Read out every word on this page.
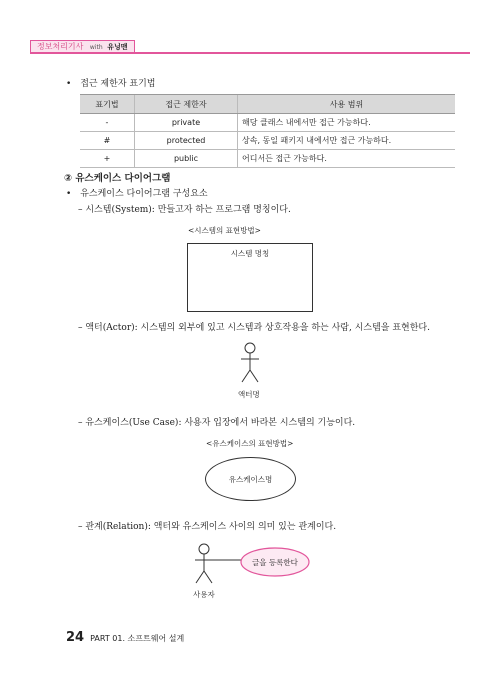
정보처리기사 with 유닝맨
• 접근 제한자 표기법
표기법	접근 제한자	사용 범위
-	private	해당 클래스 내에서만 접근 가능하다.
#	protected	상속, 동일 패키지 내에서만 접근 가능하다.
+	public	어디서든 접근 가능하다.
② 유스케이스 다이어그램
• 유스케이스 다이어그램 구성요소
– 시스템(System): 만들고자 하는 프로그램 명칭이다.
<시스템의 표현방법>
시스템 명칭
– 액터(Actor): 시스템의 외부에 있고 시스템과 상호작용을 하는 사람, 시스템을 표현한다.
액터명
– 유스케이스(Use Case): 사용자 입장에서 바라본 시스템의 기능이다.
<유스케이스의 표현방법>
유스케이스명
– 관계(Relation): 액터와 유스케이스 사이의 의미 있는 관계이다.
글을 등록한다
사용자
24 PART 01. 소프트웨어 설계
